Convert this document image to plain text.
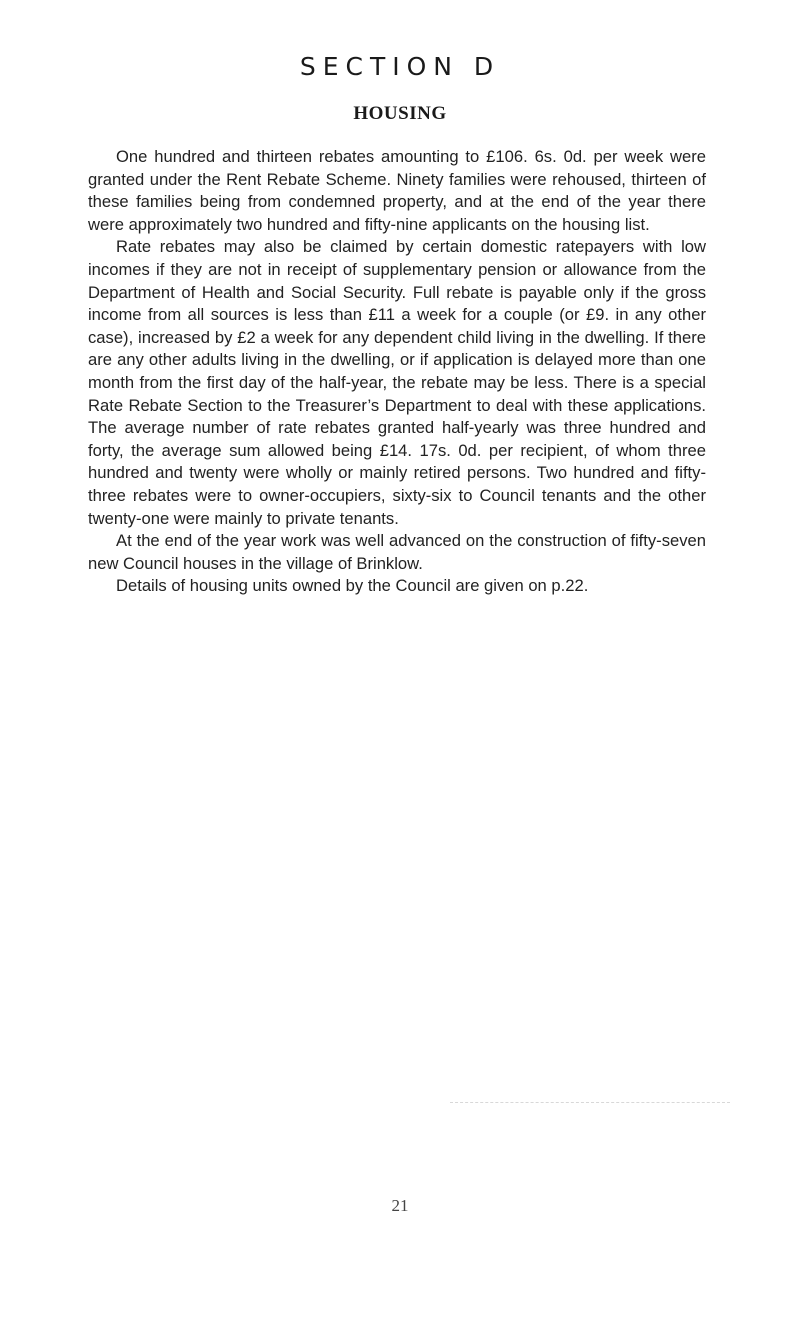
SECTION D
HOUSING

One hundred and thirteen rebates amounting to £106. 6s. 0d. per week were granted under the Rent Rebate Scheme. Ninety families were rehoused, thirteen of these families being from condemned property, and at the end of the year there were approximately two hundred and fifty-nine applicants on the housing list.

Rate rebates may also be claimed by certain domestic ratepayers with low incomes if they are not in receipt of supplementary pension or allowance from the Department of Health and Social Security. Full rebate is payable only if the gross income from all sources is less than £11 a week for a couple (or £9. in any other case), increased by £2 a week for any dependent child living in the dwelling. If there are any other adults living in the dwelling, or if application is delayed more than one month from the first day of the half-year, the rebate may be less. There is a special Rate Rebate Section to the Treasurer’s Department to deal with these applications. The average number of rate rebates granted half-yearly was three hundred and forty, the average sum allowed being £14. 17s. 0d. per recipient, of whom three hundred and twenty were wholly or mainly retired persons. Two hundred and fifty-three rebates were to owner-occupiers, sixty-six to Council tenants and the other twenty-one were mainly to private tenants.

At the end of the year work was well advanced on the construction of fifty-seven new Council houses in the village of Brinklow.

Details of housing units owned by the Council are given on p.22.

21
